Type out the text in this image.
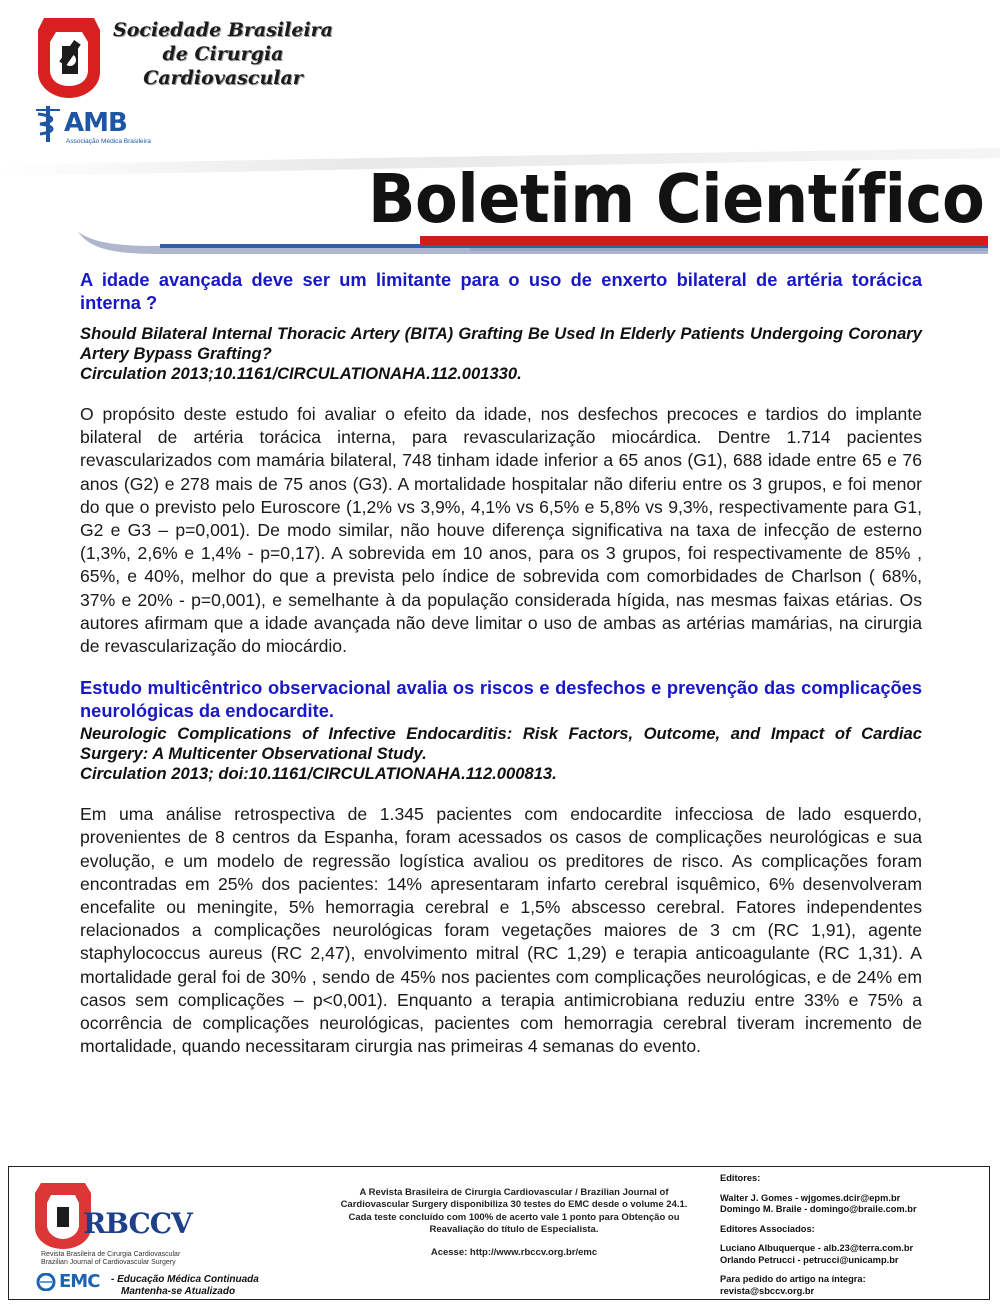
Sociedade Brasileira
de Cirurgia
Cardiovascular
AMB
Associação Médica Brasileira
Boletim Científico
A idade avançada deve ser um limitante para o uso de enxerto bilateral de artéria torácica interna ?

Should Bilateral Internal Thoracic Artery (BITA) Grafting Be Used In Elderly Patients Undergoing Coronary Artery Bypass Grafting?

Circulation 2013;10.1161/CIRCULATIONAHA.112.001330.

O propósito deste estudo foi avaliar o efeito da idade, nos desfechos precoces e tardios do implante bilateral de artéria torácica interna, para revascularização miocárdica. Dentre 1.714 pacientes revascularizados com mamária bilateral, 748 tinham idade inferior a 65 anos (G1), 688 idade entre 65 e 76 anos (G2) e 278 mais de 75 anos (G3). A mortalidade hospitalar não diferiu entre os 3 grupos, e foi menor do que o previsto pelo Euroscore (1,2% vs 3,9%, 4,1% vs 6,5% e 5,8% vs 9,3%, respectivamente para G1, G2 e G3 – p=0,001). De modo similar, não houve diferença significativa na taxa de infecção de esterno (1,3%, 2,6% e 1,4% - p=0,17). A sobrevida em 10 anos, para os 3 grupos, foi respectivamente de 85% , 65%, e 40%, melhor do que a prevista pelo índice de sobrevida com comorbidades de Charlson ( 68%, 37% e 20% - p=0,001), e semelhante à da população considerada hígida, nas mesmas faixas etárias. Os autores afirmam que a idade avançada não deve limitar o uso de ambas as artérias mamárias, na cirurgia de revascularização do miocárdio.

Estudo multicêntrico observacional avalia os riscos e desfechos e prevenção das complicações neurológicas da endocardite.

Neurologic Complications of Infective Endocarditis: Risk Factors, Outcome, and Impact of Cardiac Surgery: A Multicenter Observational Study.

Circulation 2013; doi:10.1161/CIRCULATIONAHA.112.000813.

Em uma análise retrospectiva de 1.345 pacientes com endocardite infecciosa de lado esquerdo, provenientes de 8 centros da Espanha, foram acessados os casos de complicações neurológicas e sua evolução, e um modelo de regressão logística avaliou os preditores de risco. As complicações foram encontradas em 25% dos pacientes: 14% apresentaram infarto cerebral isquêmico, 6% desenvolveram encefalite ou meningite, 5% hemorragia cerebral e 1,5% abscesso cerebral. Fatores independentes relacionados a complicações neurológicas foram vegetações maiores de 3 cm (RC 1,91), agente staphylococcus aureus (RC 2,47), envolvimento mitral (RC 1,29) e terapia anticoagulante (RC 1,31). A mortalidade geral foi de 30% , sendo de 45% nos pacientes com complicações neurológicas, e de 24% em casos sem complicações – p<0,001). Enquanto a terapia antimicrobiana reduziu entre 33% e 75% a ocorrência de complicações neurológicas, pacientes com hemorragia cerebral tiveram incremento de mortalidade, quando necessitaram cirurgia nas primeiras 4 semanas do evento.

RBCCV
Revista Brasileira de Cirurgia Cardiovascular
Brazilian Journal of Cardiovascular Surgery
EMC - Educação Médica Continuada
Mantenha-se Atualizado
A Revista Brasileira de Cirurgia Cardiovascular / Brazilian Journal of Cardiovascular Surgery disponibiliza 30 testes do EMC desde o volume 24.1. Cada teste concluído com 100% de acerto vale 1 ponto para Obtenção ou Reavaliação do título de Especialista.
Acesse: http://www.rbccv.org.br/emc
Editores:
Walter J. Gomes - wjgomes.dcir@epm.br
Domingo M. Braile - domingo@braile.com.br
Editores Associados:
Luciano Albuquerque - alb.23@terra.com.br
Orlando Petrucci - petrucci@unicamp.br
Para pedido do artigo na íntegra:
revista@sbccv.org.br
